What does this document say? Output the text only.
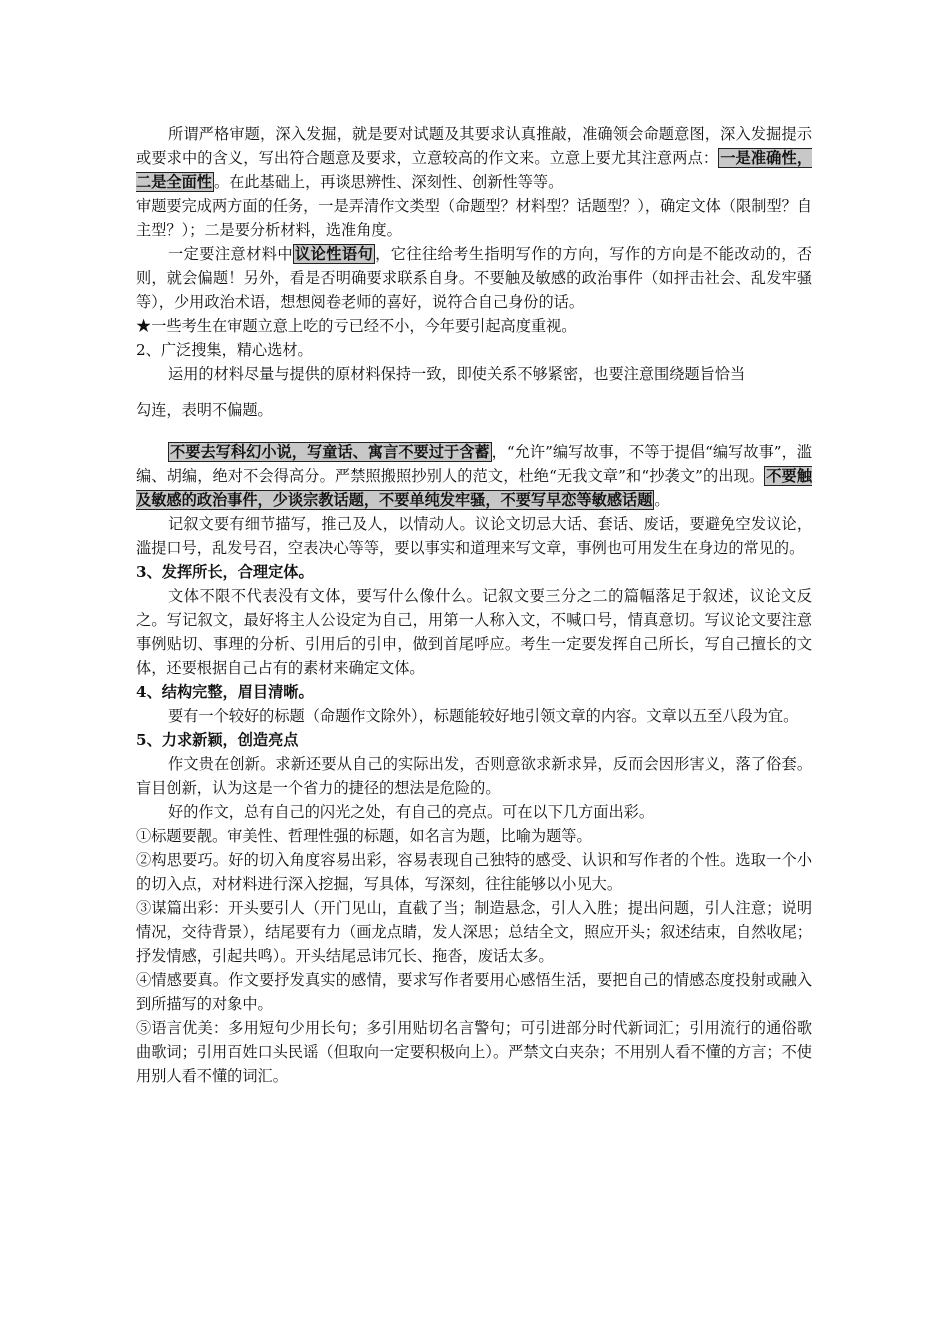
所谓严格审题，深入发掘，就是要对试题及其要求认真推敲，准确领会命题意图，深入发掘提示或要求中的含义，写出符合题意及要求，立意较高的作文来。立意上要尤其注意两点： 一是准确性，二是全面性 。在此基础上，再谈思辨性、深刻性、创新性等等。

审题要完成两方面的任务，一是弄清作文类型（命题型？材料型？话题型？），确定文体（限制型？自主型？）；二是要分析材料，选准角度。

一定要注意材料中 议论性语句 ，它往往给考生指明写作的方向，写作的方向是不能改动的，否则，就会偏题！另外，看是否明确要求联系自身。不要触及敏感的政治事件（如抨击社会、乱发牢骚等），少用政治术语，想想阅卷老师的喜好，说符合自己身份的话。

★一些考生在审题立意上吃的亏已经不小，今年要引起高度重视。

2、广泛搜集，精心选材。

运用的材料尽量与提供的原材料保持一致，即使关系不够紧密，也要注意围绕题旨恰当

勾连，表明不偏题。

不要去写科幻小说，写童话、寓言不要过于含蓄 ，“允许”编写故事，不等于提倡“编写故事”，滥编、胡编，绝对不会得高分。严禁照搬照抄别人的范文，杜绝“无我文章”和“抄袭文”的出现。 不要触及敏感的政治事件，少谈宗教话题，不要单纯发牢骚，不要写早恋等敏感话题 。

记叙文要有细节描写，推己及人，以情动人。议论文切忌大话、套话、废话，要避免空发议论，滥提口号，乱发号召，空表决心等等，要以事实和道理来写文章，事例也可用发生在身边的常见的。

3、发挥所长，合理定体。

文体不限不代表没有文体，要写什么像什么。记叙文要三分之二的篇幅落足于叙述，议论文反之。写记叙文，最好将主人公设定为自己，用第一人称入文，不喊口号，情真意切。写议论文要注意事例贴切、事理的分析、引用后的引申，做到首尾呼应。考生一定要发挥自己所长，写自己擅长的文体，还要根据自己占有的素材来确定文体。

4、结构完整，眉目清晰。

要有一个较好的标题（命题作文除外），标题能较好地引领文章的内容。文章以五至八段为宜。

5、力求新颖，创造亮点

作文贵在创新。求新还要从自己的实际出发，否则意欲求新求异，反而会因形害义，落了俗套。盲目创新，认为这是一个省力的捷径的想法是危险的。

好的作文，总有自己的闪光之处，有自己的亮点。可在以下几方面出彩。

①标题要靓。审美性、哲理性强的标题，如名言为题，比喻为题等。

②构思要巧。好的切入角度容易出彩，容易表现自己独特的感受、认识和写作者的个性。选取一个小的切入点，对材料进行深入挖掘，写具体，写深刻，往往能够以小见大。

③谋篇出彩：开头要引人（开门见山，直截了当；制造悬念，引人入胜；提出问题，引人注意；说明情况，交待背景），结尾要有力（画龙点睛，发人深思；总结全文，照应开头；叙述结束，自然收尾；抒发情感，引起共鸣）。开头结尾忌讳冗长、拖沓，废话太多。

④情感要真。作文要抒发真实的感情，要求写作者要用心感悟生活，要把自己的情感态度投射或融入到所描写的对象中。

⑤语言优美：多用短句少用长句；多引用贴切名言警句；可引进部分时代新词汇；引用流行的通俗歌曲歌词；引用百姓口头民谣（但取向一定要积极向上）。严禁文白夹杂；不用别人看不懂的方言；不使用别人看不懂的词汇。
